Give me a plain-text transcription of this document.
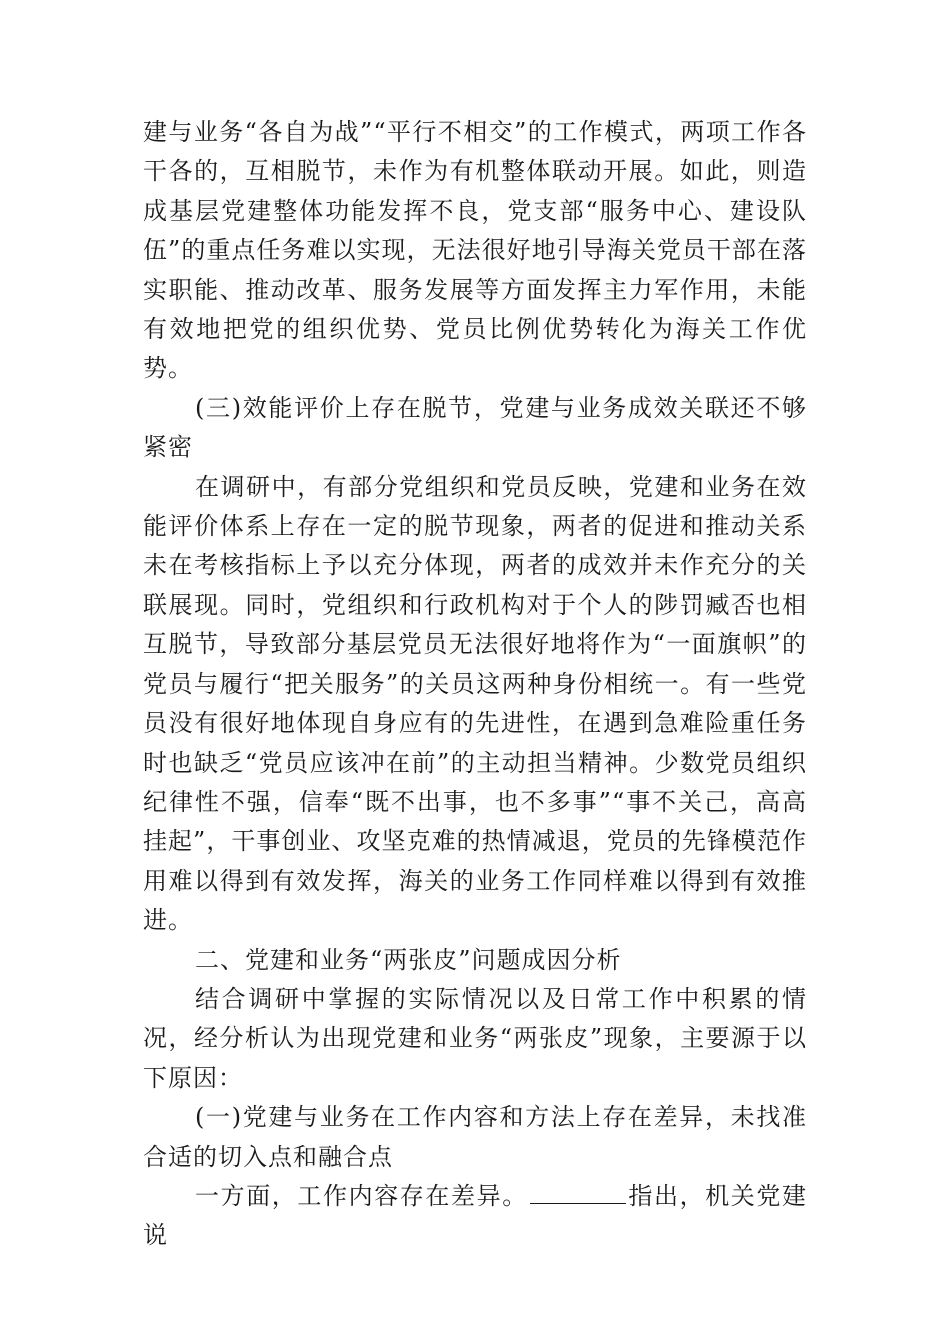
建与业务“各自为战”“平行不相交”的工作模式，两项工作各干各的，互相脱节，未作为有机整体联动开展。如此，则造成基层党建整体功能发挥不良，党支部“服务中心、建设队伍”的重点任务难以实现，无法很好地引导海关党员干部在落实职能、推动改革、服务发展等方面发挥主力军作用，未能有效地把党的组织优势、党员比例优势转化为海关工作优势。

(三)效能评价上存在脱节，党建与业务成效关联还不够紧密

在调研中，有部分党组织和党员反映，党建和业务在效能评价体系上存在一定的脱节现象，两者的促进和推动关系未在考核指标上予以充分体现，两者的成效并未作充分的关联展现。同时，党组织和行政机构对于个人的陟罚臧否也相互脱节，导致部分基层党员无法很好地将作为“一面旗帜”的党员与履行“把关服务”的关员这两种身份相统一。有一些党员没有很好地体现自身应有的先进性，在遇到急难险重任务时也缺乏“党员应该冲在前”的主动担当精神。少数党员组织纪律性不强，信奉“既不出事，也不多事”“事不关己，高高挂起”，干事创业、攻坚克难的热情减退，党员的先锋模范作用难以得到有效发挥，海关的业务工作同样难以得到有效推进。

二、党建和业务“两张皮”问题成因分析

结合调研中掌握的实际情况以及日常工作中积累的情况，经分析认为出现党建和业务“两张皮”现象，主要源于以下原因：

(一)党建与业务在工作内容和方法上存在差异，未找准合适的切入点和融合点

一方面，工作内容存在差异。	指出，机关党建说
